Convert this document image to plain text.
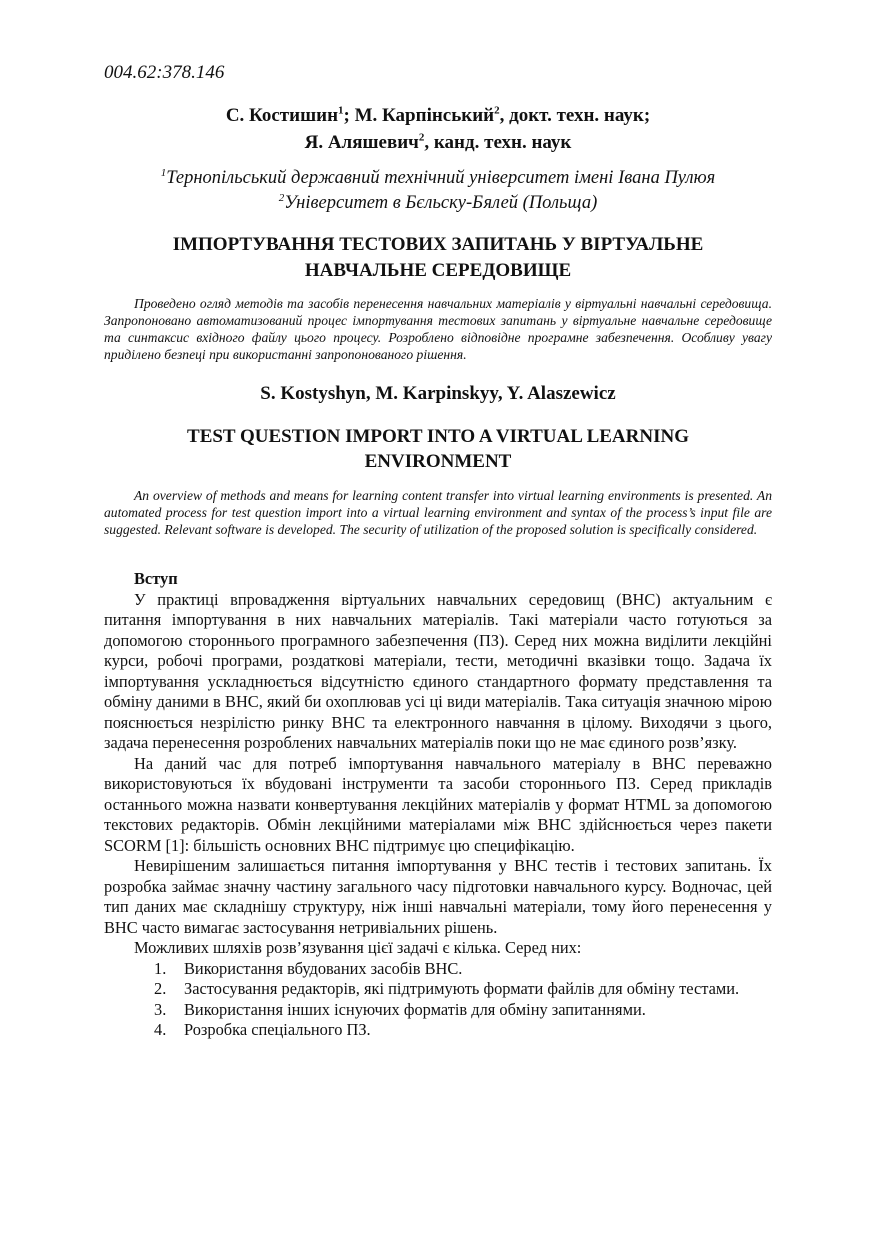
004.62:378.146
С. Костишин$^1$; М. Карпінський$^2$, докт. техн. наук;
Я. Аляшевич$^2$, канд. техн. наук
$^1$Тернопільський державний технічний університет імені Івана Пулюя
$^2$Університет в Бєльску-Бялей (Польща)
ІМПОРТУВАННЯ ТЕСТОВИХ ЗАПИТАНЬ У ВІРТУАЛЬНЕ
НАВЧАЛЬНЕ СЕРЕДОВИЩЕ

Проведено огляд методів та засобів перенесення навчальних матеріалів у віртуальні навчальні середовища. Запропоновано автоматизований процес імпортування тестових запитань у віртуальне навчальне середовище та синтаксис вхідного файлу цього процесу. Розроблено відповідне програмне забезпечення. Особливу увагу приділено безпеці при використанні запропонованого рішення.

S. Kostyshyn, M. Karpinskyy, Y. Alaszewicz
TEST QUESTION IMPORT INTO A VIRTUAL LEARNING
ENVIRONMENT

An overview of methods and means for learning content transfer into virtual learning environments is presented. An automated process for test question import into a virtual learning environment and syntax of the process’s input file are suggested. Relevant software is developed. The security of utilization of the proposed solution is specifically considered.

Вступ

У практиці впровадження віртуальних навчальних середовищ (ВНС) актуальним є питання імпортування в них навчальних матеріалів. Такі матеріали часто готуються за допомогою стороннього програмного забезпечення (ПЗ). Серед них можна виділити лекційні курси, робочі програми, роздаткові матеріали, тести, методичні вказівки тощо. Задача їх імпортування ускладнюється відсутністю єдиного стандартного формату представлення та обміну даними в ВНС, який би охоплював усі ці види матеріалів. Така ситуація значною мірою пояснюється незрілістю ринку ВНС та електронного навчання в цілому. Виходячи з цього, задача перенесення розроблених навчальних матеріалів поки що не має єдиного розв’язку.

На даний час для потреб імпортування навчального матеріалу в ВНС переважно використовуються їх вбудовані інструменти та засоби стороннього ПЗ. Серед прикладів останнього можна назвати конвертування лекційних матеріалів у формат HTML за допомогою текстових редакторів. Обмін лекційними матеріалами між ВНС здійснюється через пакети SCORM [1]: більшість основних ВНС підтримує цю специфікацію.

Невирішеним залишається питання імпортування у ВНС тестів і тестових запитань. Їх розробка займає значну частину загального часу підготовки навчального курсу. Водночас, цей тип даних має складнішу структуру, ніж інші навчальні матеріали, тому його перенесення у ВНС часто вимагає застосування нетривіальних рішень.

Можливих шляхів розв’язування цієї задачі є кілька. Серед них:

1.	Використання вбудованих засобів ВНС.
2.	Застосування редакторів, які підтримують формати файлів для обміну тестами.
3.	Використання інших існуючих форматів для обміну запитаннями.
4.	Розробка спеціального ПЗ.
